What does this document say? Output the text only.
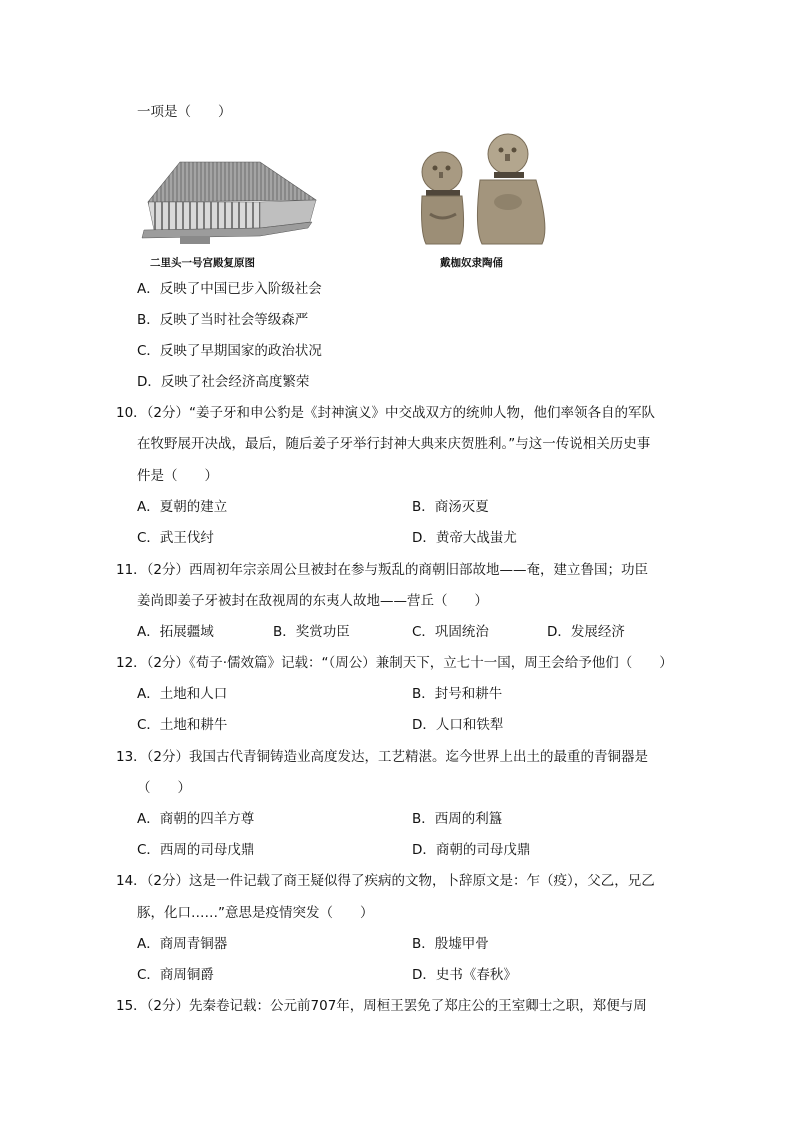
一项是（　　）
二里头一号宫殿复原图	戴枷奴隶陶俑
A．反映了中国已步入阶级社会
B．反映了当时社会等级森严
C．反映了早期国家的政治状况
D．反映了社会经济高度繁荣
10．（2分）“姜子牙和申公豹是《封神演义》中交战双方的统帅人物，他们率领各自的军队
在牧野展开决战，最后，随后姜子牙举行封神大典来庆贺胜利。”与这一传说相关历史事
件是（　　）
A．夏朝的建立	B．商汤灭夏
C．武王伐纣	D．黄帝大战蚩尤
11．（2分）西周初年宗亲周公旦被封在参与叛乱的商朝旧部故地——奄，建立鲁国；功臣
姜尚即姜子牙被封在敌视周的东夷人故地——营丘（　　）
A．拓展疆域	B．奖赏功臣	C．巩固统治	D．发展经济
12．（2分）《荀子·儒效篇》记载：“（周公）兼制天下，立七十一国，周王会给予他们（　　）
A．土地和人口	B．封号和耕牛
C．土地和耕牛	D．人口和铁犁
13．（2分）我国古代青铜铸造业高度发达，工艺精湛。迄今世界上出土的最重的青铜器是
（　　）
A．商朝的四羊方尊	B．西周的利簋
C．西周的司母戊鼎	D．商朝的司母戊鼎
14．（2分）这是一件记载了商王疑似得了疾病的文物，卜辞原文是：乍（疫），父乙，兄乙
豚，化口……”意思是疫情突发（　　）
A．商周青铜器	B．殷墟甲骨
C．商周铜爵	D．史书《春秋》
15．（2分）先秦卷记载：公元前707年，周桓王罢免了郑庄公的王室卿士之职，郑便与周
